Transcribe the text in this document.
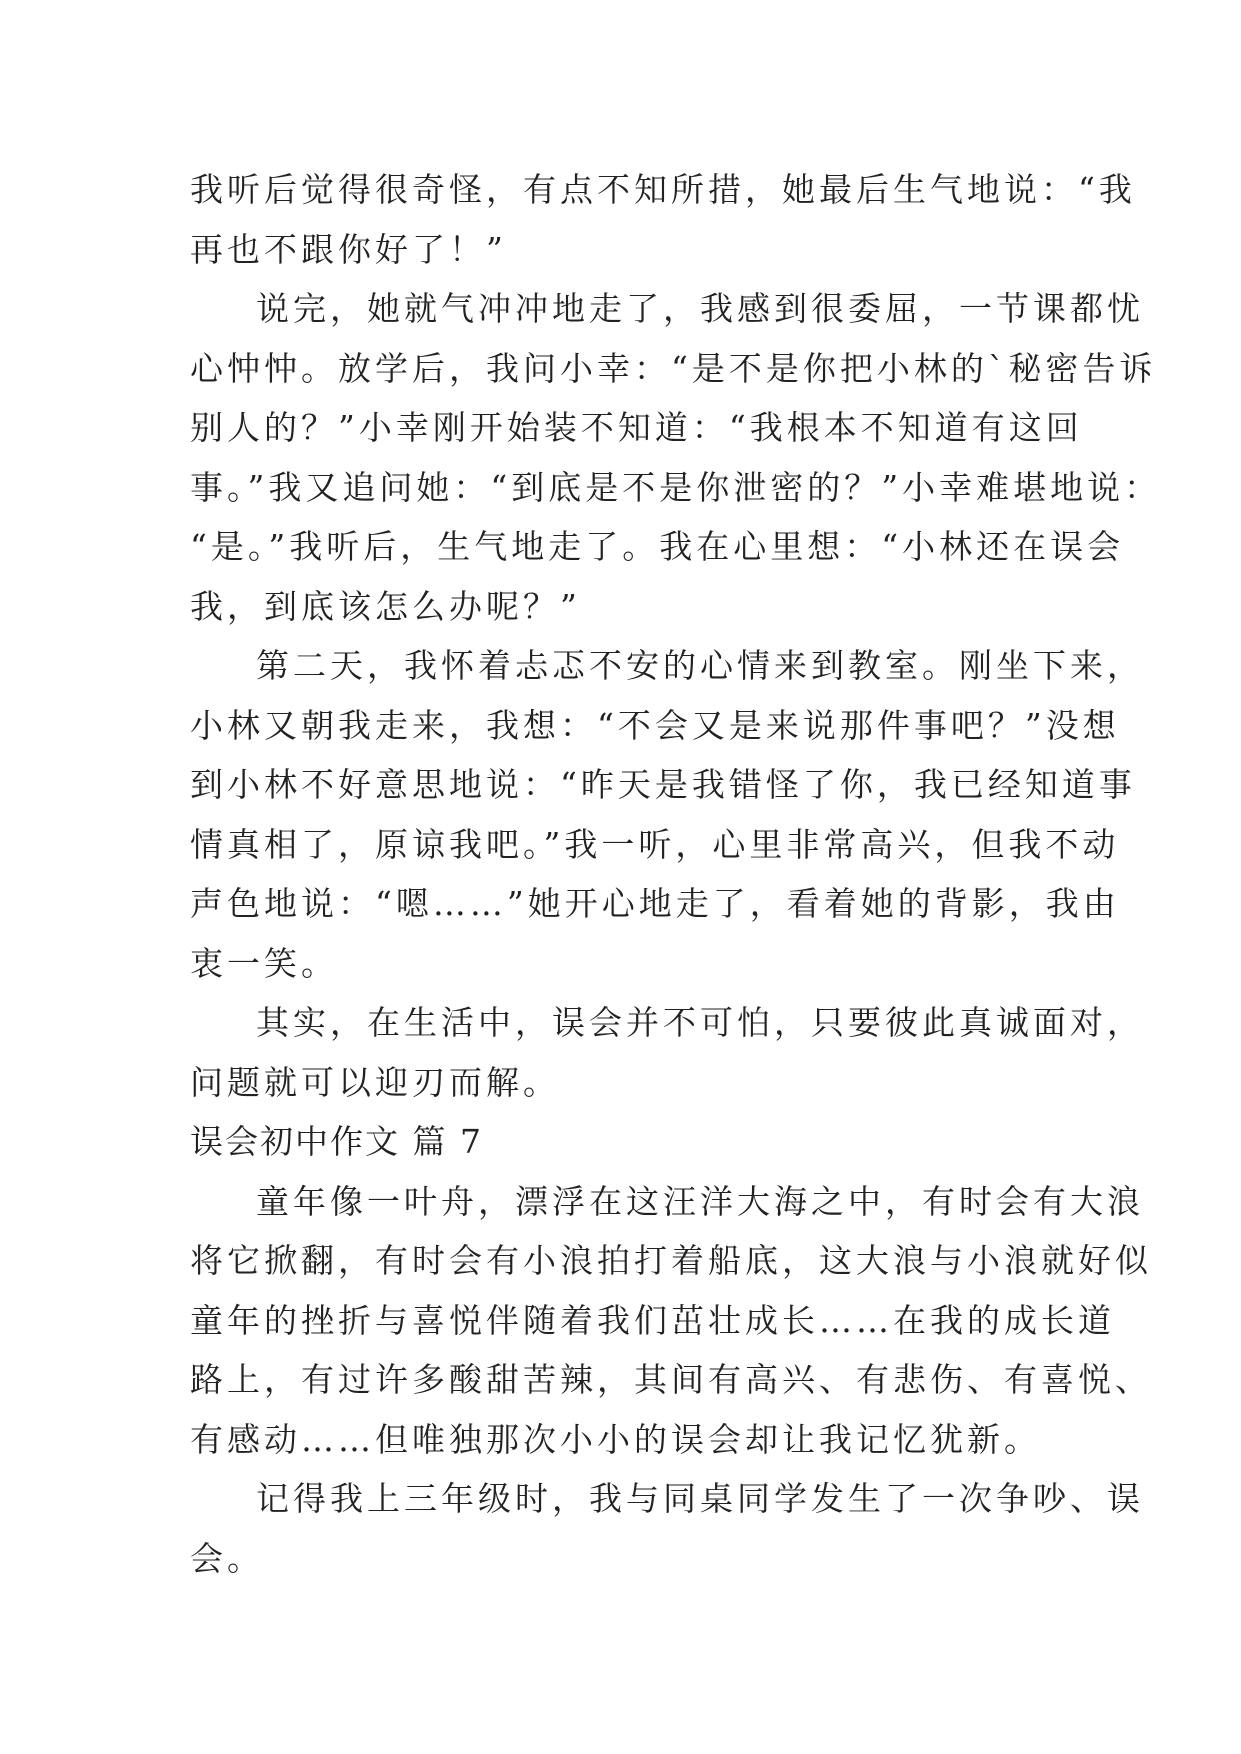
我听后觉得很奇怪，有点不知所措，她最后生气地说：“我
再也不跟你好了！”
说完，她就气冲冲地走了，我感到很委屈，一节课都忧
心忡忡。放学后，我问小幸：“是不是你把小林的`秘密告诉
别人的？”小幸刚开始装不知道：“我根本不知道有这回
事。”我又追问她：“到底是不是你泄密的？”小幸难堪地说：
“是。”我听后，生气地走了。我在心里想：“小林还在误会
我，到底该怎么办呢？”
第二天，我怀着忐忑不安的心情来到教室。刚坐下来，
小林又朝我走来，我想：“不会又是来说那件事吧？”没想
到小林不好意思地说：“昨天是我错怪了你，我已经知道事
情真相了，原谅我吧。”我一听，心里非常高兴，但我不动
声色地说：“嗯……”她开心地走了，看着她的背影，我由
衷一笑。
其实，在生活中，误会并不可怕，只要彼此真诚面对，
问题就可以迎刃而解。
误会初中作文 篇 7
童年像一叶舟，漂浮在这汪洋大海之中，有时会有大浪
将它掀翻，有时会有小浪拍打着船底，这大浪与小浪就好似
童年的挫折与喜悦伴随着我们茁壮成长……在我的成长道
路上，有过许多酸甜苦辣，其间有高兴、有悲伤、有喜悦、
有感动……但唯独那次小小的误会却让我记忆犹新。
记得我上三年级时，我与同桌同学发生了一次争吵、误
会。
